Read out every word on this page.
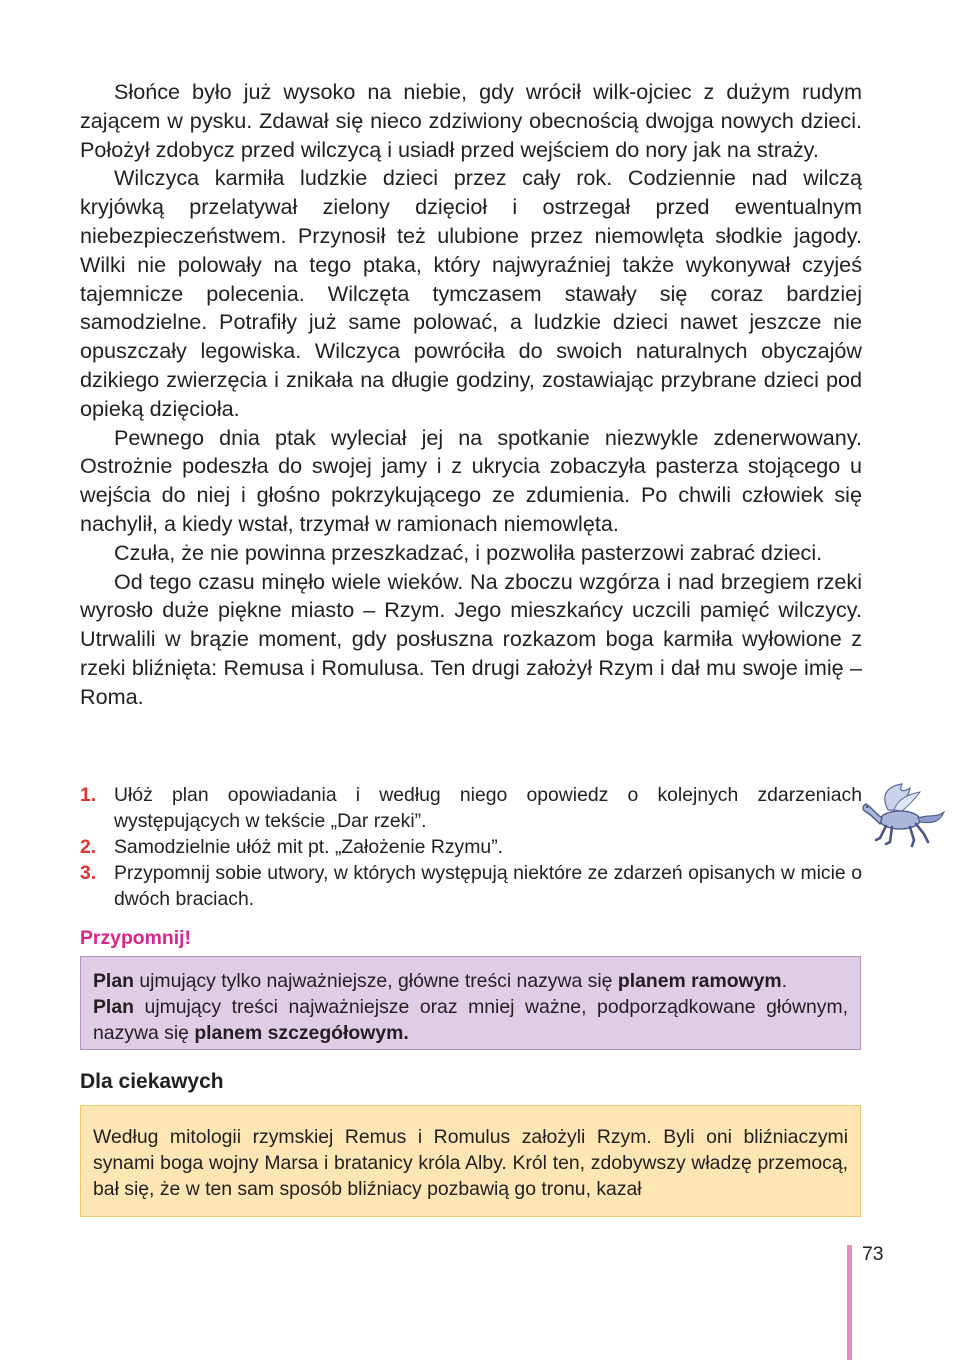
Słońce było już wysoko na niebie, gdy wrócił wilk-ojciec z dużym rudym zającem w pysku. Zdawał się nieco zdziwiony obecnością dwojga nowych dzieci. Położył zdobycz przed wilczycą i usiadł przed wejściem do nory jak na straży.

Wilczyca karmiła ludzkie dzieci przez cały rok. Codziennie nad wilczą kryjówką przelatywał zielony dzięcioł i ostrzegał przed ewentualnym niebezpieczeństwem. Przynosił też ulubione przez niemowlęta słodkie jagody. Wilki nie polowały na tego ptaka, który najwyraźniej także wykonywał czyjeś tajemnicze polecenia. Wilczęta tymczasem stawały się coraz bardziej samodzielne. Potrafiły już same polować, a ludzkie dzieci nawet jeszcze nie opuszczały legowiska. Wilczyca powróciła do swoich naturalnych obyczajów dzikiego zwierzęcia i znikała na długie godziny, zostawiając przybrane dzieci pod opieką dzięcioła.

Pewnego dnia ptak wyleciał jej na spotkanie niezwykle zdenerwowany. Ostrożnie podeszła do swojej jamy i z ukrycia zobaczyła pasterza stojącego u wejścia do niej i głośno pokrzykującego ze zdumienia. Po chwili człowiek się nachylił, a kiedy wstał, trzymał w ramionach niemowlęta.

Czuła, że nie powinna przeszkadzać, i pozwoliła pasterzowi zabrać dzieci.

Od tego czasu minęło wiele wieków. Na zboczu wzgórza i nad brzegiem rzeki wyrosło duże piękne miasto – Rzym. Jego mieszkańcy uczcili pamięć wilczycy. Utrwalili w brązie moment, gdy posłuszna rozkazom boga karmiła wyłowione z rzeki bliźnięta: Remusa i Romulusa. Ten drugi założył Rzym i dał mu swoje imię – Roma.

1. Ułóż plan opowiadania i według niego opowiedz o kolejnych zdarzeniach występujących w tekście „Dar rzeki”.
2. Samodzielnie ułóż mit pt. „Założenie Rzymu”.
3. Przypomnij sobie utwory, w których występują niektóre ze zdarzeń opisanych w micie o dwóch braciach.
Przypomnij!

Plan ujmujący tylko najważniejsze, główne treści nazywa się planem ramowym.

Plan ujmujący treści najważniejsze oraz mniej ważne, podporządkowane głównym, nazywa się planem szczegółowym.

Dla ciekawych

Według mitologii rzymskiej Remus i Romulus założyli Rzym. Byli oni bliźniaczymi synami boga wojny Marsa i bratanicy króla Alby. Król ten, zdobywszy władzę przemocą, bał się, że w ten sam sposób bliźniacy pozbawią go tronu, kazał

73
